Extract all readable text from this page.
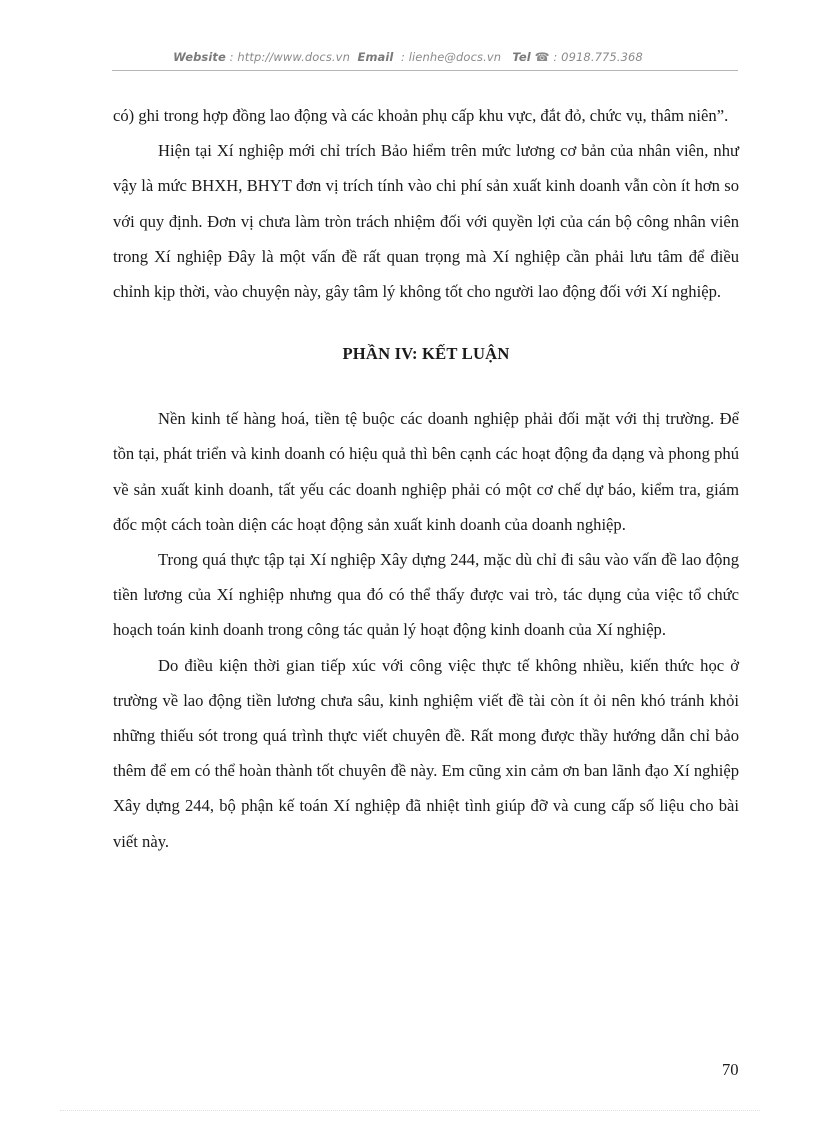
Website : http://www.docs.vn Email : lienhe@docs.vn Tel ☎ : 0918.775.368

có) ghi trong hợp đồng lao động và các khoản phụ cấp khu vực, đắt đỏ, chức vụ, thâm niên”.

Hiện tại Xí nghiệp mới chỉ trích Bảo hiểm trên mức lương cơ bản của nhân viên, như vậy là mức BHXH, BHYT đơn vị trích tính vào chi phí sản xuất kinh doanh vẫn còn ít hơn so với quy định. Đơn vị chưa làm tròn trách nhiệm đối với quyền lợi của cán bộ công nhân viên trong Xí nghiệp Đây là một vấn đề rất quan trọng mà Xí nghiệp cần phải lưu tâm để điều chỉnh kịp thời, vào chuyện này, gây tâm lý không tốt cho người lao động đối với Xí nghiệp.

PHẦN IV: KẾT LUẬN

Nền kinh tế hàng hoá, tiền tệ buộc các doanh nghiệp phải đối mặt với thị trường. Để tồn tại, phát triển và kinh doanh có hiệu quả thì bên cạnh các hoạt động đa dạng và phong phú về sản xuất kinh doanh, tất yếu các doanh nghiệp phải có một cơ chế dự báo, kiểm tra, giám đốc một cách toàn diện các hoạt động sản xuất kinh doanh của doanh nghiệp.

Trong quá thực tập tại Xí nghiệp Xây dựng 244, mặc dù chỉ đi sâu vào vấn đề lao động tiền lương của Xí nghiệp nhưng qua đó có thể thấy được vai trò, tác dụng của việc tổ chức hoạch toán kinh doanh trong công tác quản lý hoạt động kinh doanh của Xí nghiệp.

Do điều kiện thời gian tiếp xúc với công việc thực tế không nhiều, kiến thức học ở trường về lao động tiền lương chưa sâu, kinh nghiệm viết đề tài còn ít ỏi nên khó tránh khỏi những thiếu sót trong quá trình thực viết chuyên đề. Rất mong được thầy hướng dẫn chỉ bảo thêm để em có thể hoàn thành tốt chuyên đề này. Em cũng xin cảm ơn ban lãnh đạo Xí nghiệp Xây dựng 244, bộ phận kế toán Xí nghiệp đã nhiệt tình giúp đỡ và cung cấp số liệu cho bài viết này.

70
